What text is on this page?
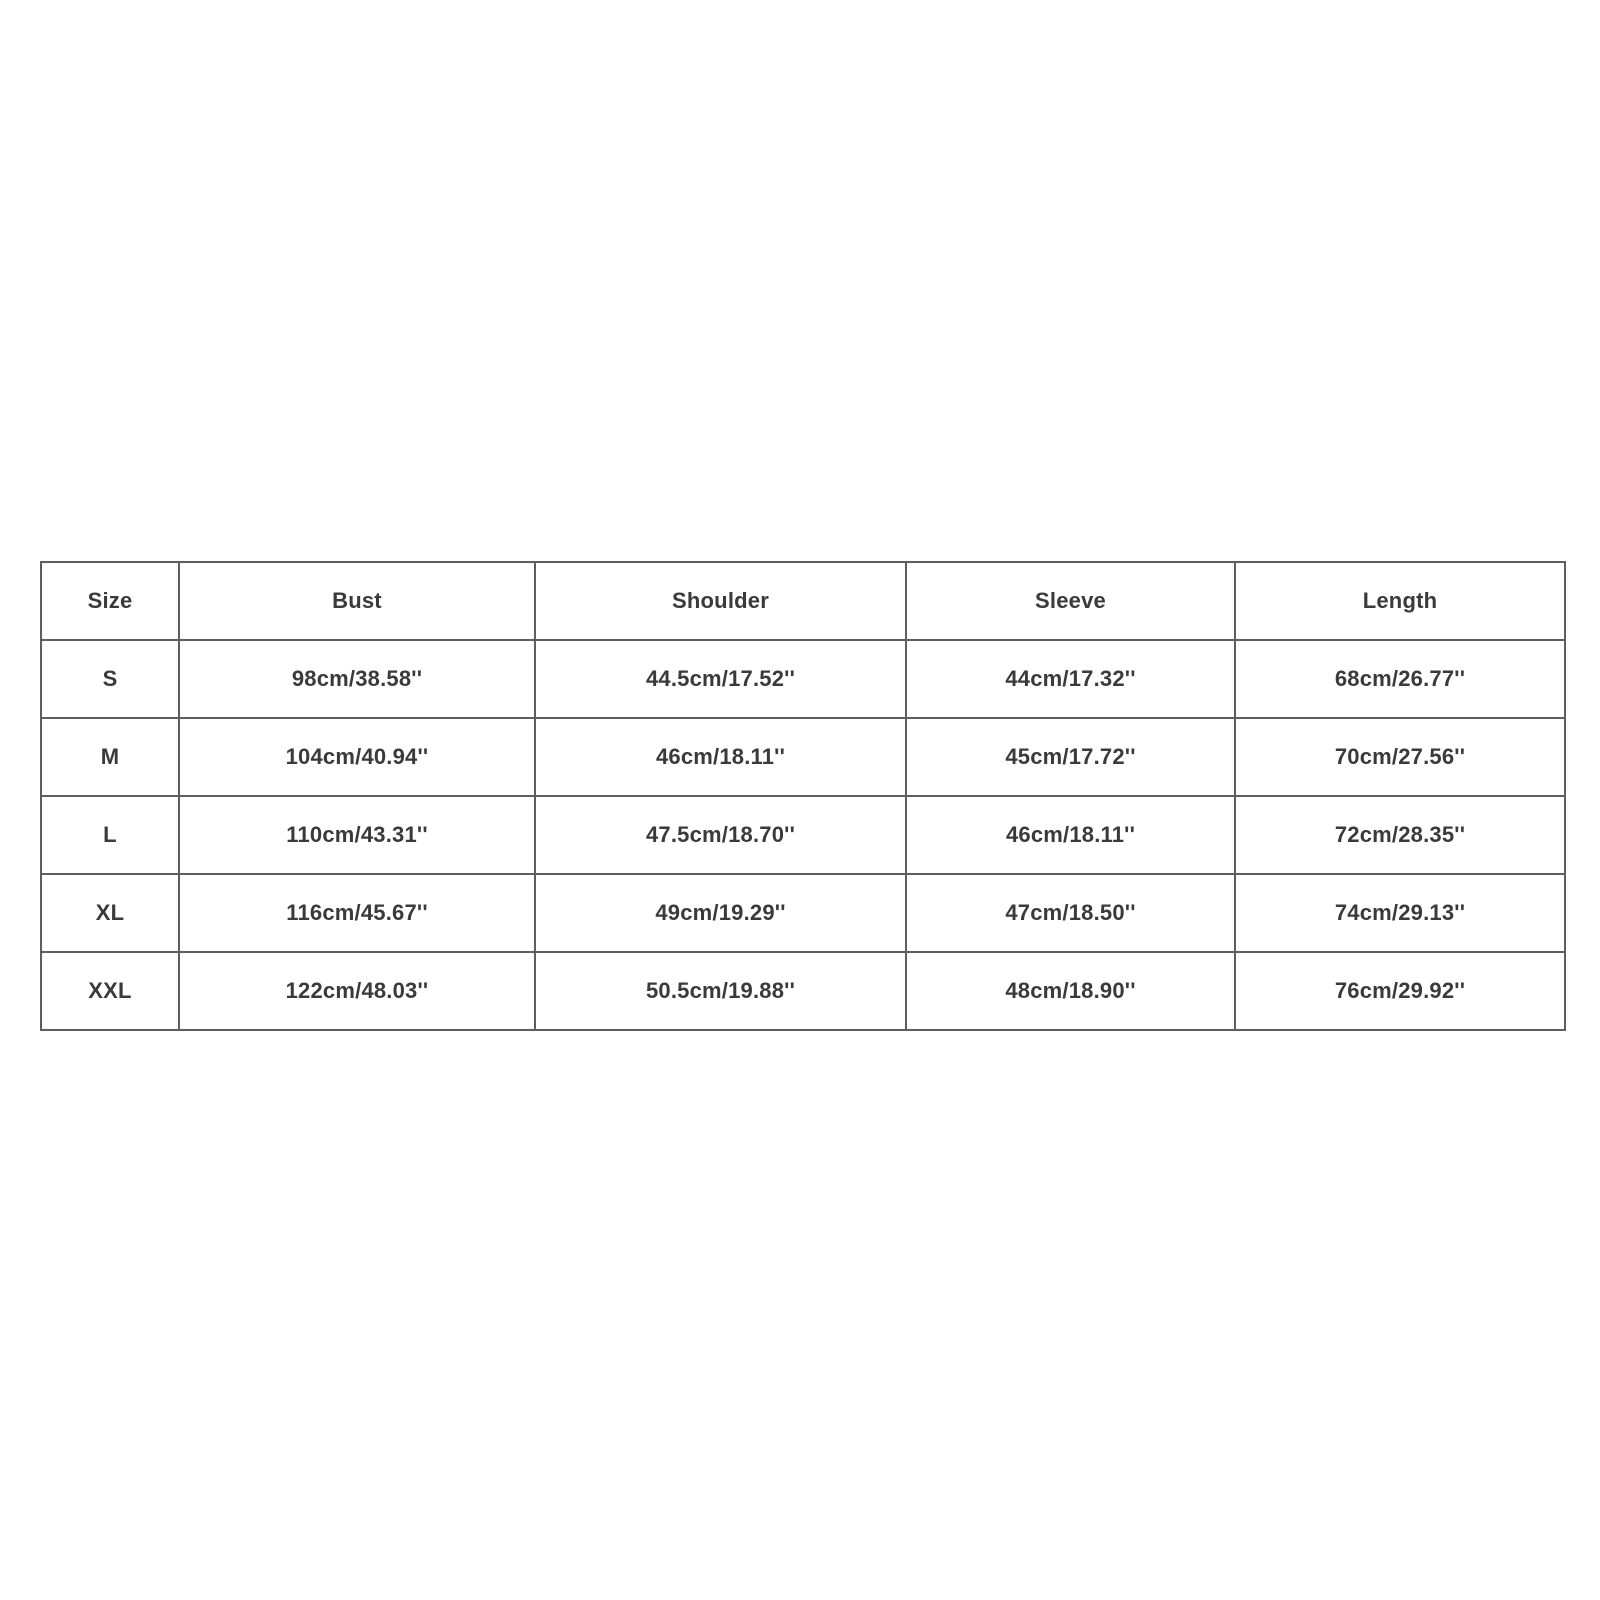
Size	Bust	Shoulder	Sleeve	Length
S	98cm/38.58''	44.5cm/17.52''	44cm/17.32''	68cm/26.77''
M	104cm/40.94''	46cm/18.11''	45cm/17.72''	70cm/27.56''
L	110cm/43.31''	47.5cm/18.70''	46cm/18.11''	72cm/28.35''
XL	116cm/45.67''	49cm/19.29''	47cm/18.50''	74cm/29.13''
XXL	122cm/48.03''	50.5cm/19.88''	48cm/18.90''	76cm/29.92''
